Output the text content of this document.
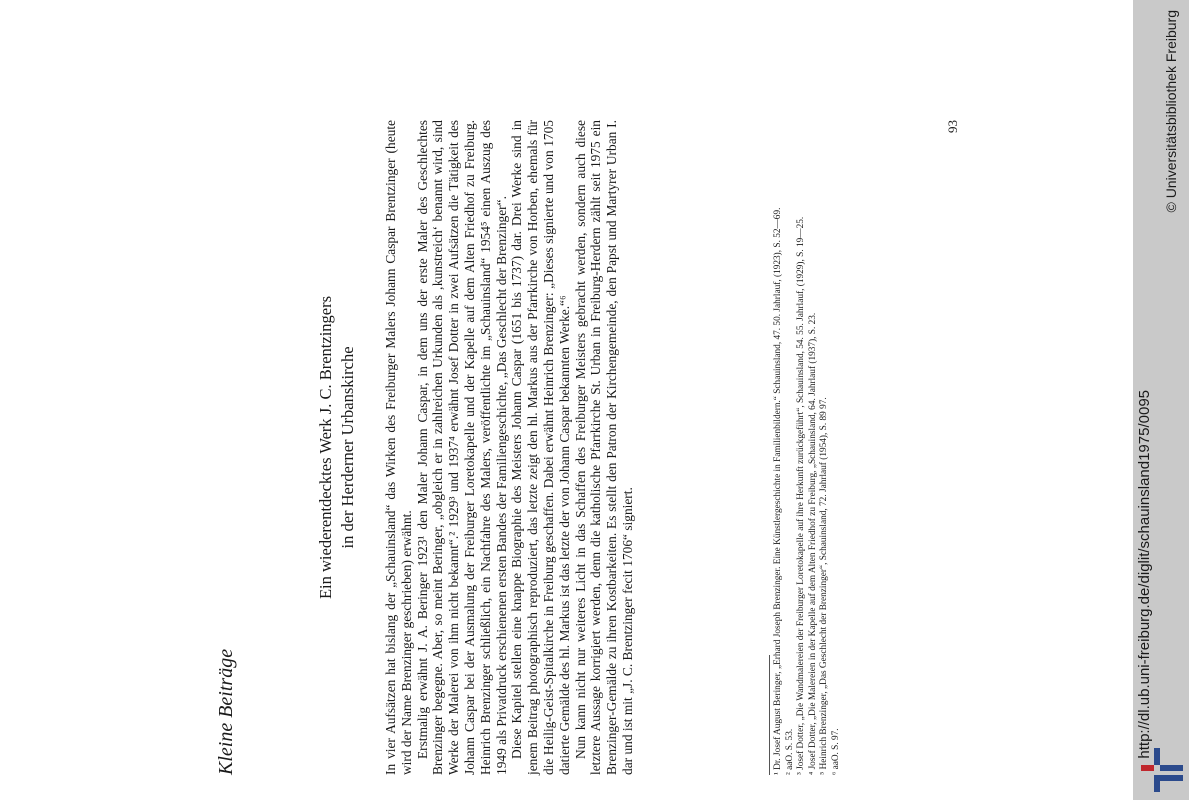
Kleine Beiträge
Ein wiederentdecktes Werk J. C. Brentzingers in der Herderner Urbanskirche In vier Aufsätzen hat bislang der „Schauinsland“ das Wirken des Freiburger Malers Johann Caspar Brentzinger (heute wird der Name Brenzinger geschrieben) erwähnt. Erstmalig erwähnt J. A. Beringer 1923¹ den Maler Johann Caspar, in dem uns der erste Maler des Geschlechtes Brenzinger begegne. Aber, so meint Beringer, „obgleich er in zahlreichen Urkunden als ‚kunstreich‘ benannt wird, sind Werke der Malerei von ihm nicht bekannt“.² 1929³ und 1937⁴ erwähnt Josef Dotter in zwei Aufsätzen die Tätigkeit des Johann Caspar bei der Ausmalung der Freiburger Loretokapelle und der Kapelle auf dem Alten Friedhof zu Freiburg. Heinrich Brenzinger schließlich, ein Nachfahre des Malers, veröffentlichte im „Schauinsland“ 1954⁵ einen Auszug des 1949 als Privatdruck erschienenen ersten Bandes der Familiengeschichte, „Das Geschlecht der Brenzinger“. Diese Kapitel stellen eine knappe Biographie des Meisters Johann Caspar (1651 bis 1737) dar. Drei Werke sind in jenem Beitrag photographisch reproduziert, das letzte zeigt den hl. Markus aus der Pfarrkirche von Horben, ehemals für die Heilig-Geist-Spitalkirche in Freiburg geschaffen. Dabei erwähnt Heinrich Brenzinger: „Dieses signierte und von 1705 datierte Gemälde des hl. Markus ist das letzte der von Johann Caspar bekannten Werke.“⁶ Nun kann nicht nur weiteres Licht in das Schaffen des Freiburger Meisters gebracht werden, sondern auch diese letztere Aussage korrigiert werden, denn die katholische Pfarrkirche St. Urban in Freiburg-Herdern zählt seit 1975 ein Brenzinger-Gemälde zu ihren Kostbarkeiten. Es stellt den Patron der Kirchengemeinde, den Papst und Martyrer Urban I. dar und ist mit „J. C. Brentzinger fecit 1706“ signiert.	¹ Dr. Josef August Beringer, „Erhard Joseph Brenzinger. Eine Künstlergeschichte in Familienbildern.“ Schauinsland, 47. 50. Jahrlauf, (1923), S. 52—69. ² aaO. S. 53. ³ Josef Dotter, „Die Wandmalereien der Freiburger Loretokapelle auf ihre Herkunft zurückgeführt“, Schauinsland, 54. 55. Jahrlauf, (1929), S. 19—25. ⁴ Josef Dotter, „Die Malereien in der Kapelle auf dem Alten Friedhof zu Freiburg, „Schauinsland, 64. Jahrlauf (1937), S. 23. ⁵ Heinrich Brenzinger, „Das Geschlecht der Brenzinger“, Schauinsland, 72. Jahrlauf (1954), S. 89 97. ⁶ aaO. S. 97.
93
http://dl.ub.uni-freiburg.de/diglit/schauinsland1975/0095
© Universitätsbibliothek Freiburg
